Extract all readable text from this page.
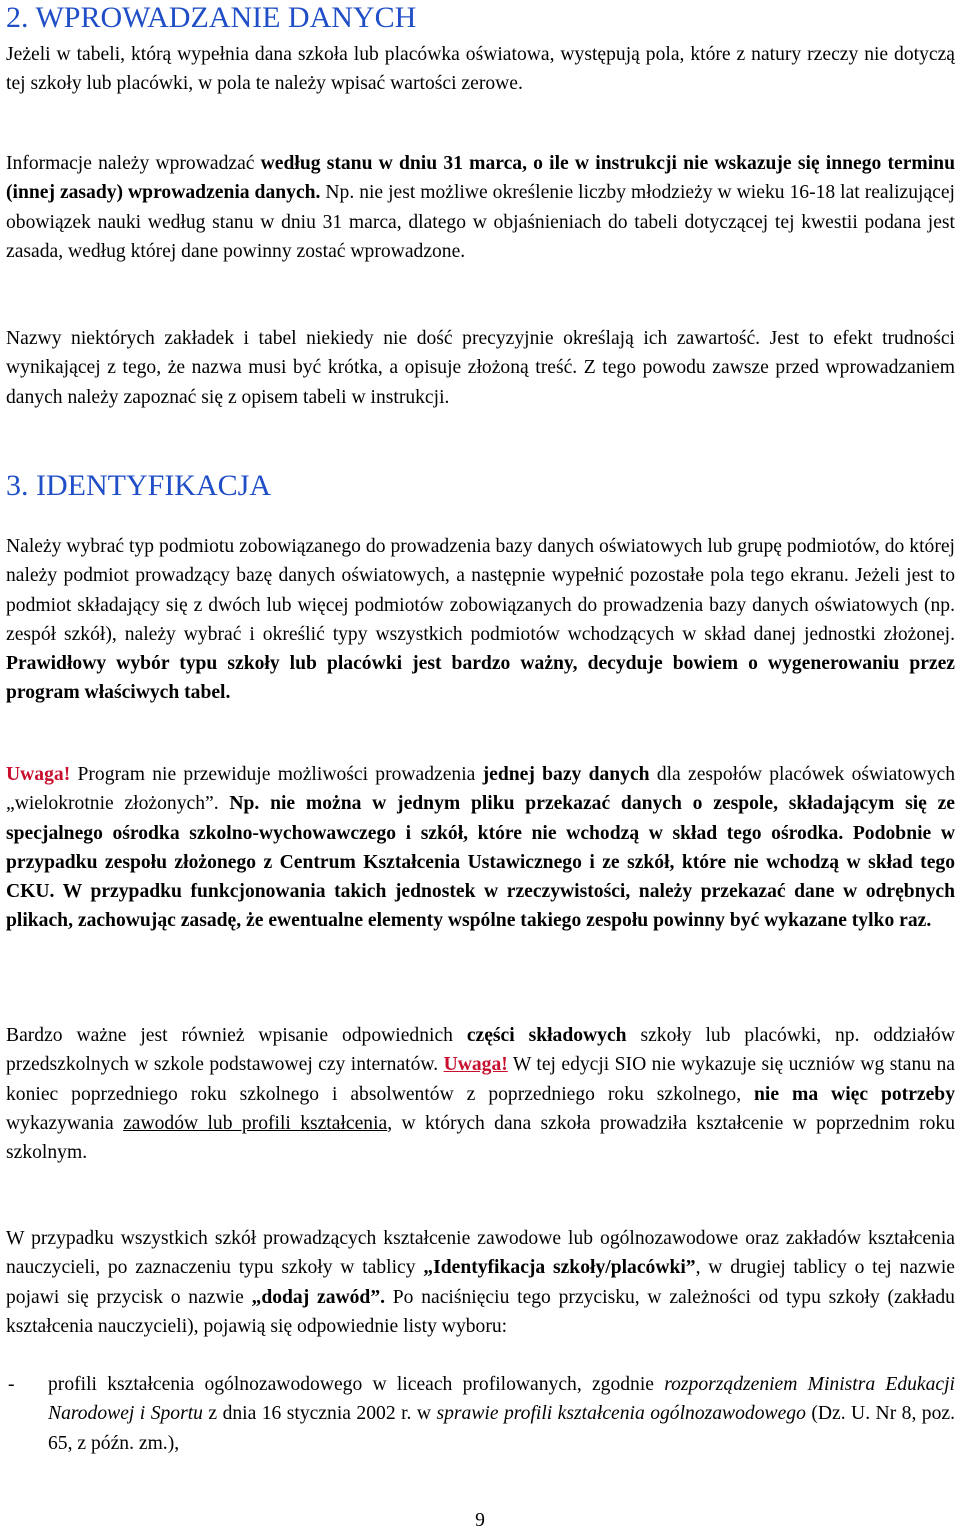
2. WPROWADZANIE DANYCH

Jeżeli w tabeli, którą wypełnia dana szkoła lub placówka oświatowa, występują pola, które z natury rzeczy nie dotyczą tej szkoły lub placówki, w pola te należy wpisać wartości zerowe.

Informacje należy wprowadzać według stanu w dniu 31 marca, o ile w instrukcji nie wskazuje się innego terminu (innej zasady) wprowadzenia danych. Np. nie jest możliwe określenie liczby młodzieży w wieku 16-18 lat realizującej obowiązek nauki według stanu w dniu 31 marca, dlatego w objaśnieniach do tabeli dotyczącej tej kwestii podana jest zasada, według której dane powinny zostać wprowadzone.

Nazwy niektórych zakładek i tabel niekiedy nie dość precyzyjnie określają ich zawartość. Jest to efekt trudności wynikającej z tego, że nazwa musi być krótka, a opisuje złożoną treść. Z tego powodu zawsze przed wprowadzaniem danych należy zapoznać się z opisem tabeli w instrukcji.

3. IDENTYFIKACJA

Należy wybrać typ podmiotu zobowiązanego do prowadzenia bazy danych oświatowych lub grupę podmiotów, do której należy podmiot prowadzący bazę danych oświatowych, a następnie wypełnić pozostałe pola tego ekranu. Jeżeli jest to podmiot składający się z dwóch lub więcej podmiotów zobowiązanych do prowadzenia bazy danych oświatowych (np. zespół szkół), należy wybrać i określić typy wszystkich podmiotów wchodzących w skład danej jednostki złożonej. Prawidłowy wybór typu szkoły lub placówki jest bardzo ważny, decyduje bowiem o wygenerowaniu przez program właściwych tabel.

Uwaga! Program nie przewiduje możliwości prowadzenia jednej bazy danych dla zespołów placówek oświatowych „wielokrotnie złożonych”. Np. nie można w jednym pliku przekazać danych o zespole, składającym się ze specjalnego ośrodka szkolno-wychowawczego i szkół, które nie wchodzą w skład tego ośrodka. Podobnie w przypadku zespołu złożonego z Centrum Kształcenia Ustawicznego i ze szkół, które nie wchodzą w skład tego CKU. W przypadku funkcjonowania takich jednostek w rzeczywistości, należy przekazać dane w odrębnych plikach, zachowując zasadę, że ewentualne elementy wspólne takiego zespołu powinny być wykazane tylko raz.

Bardzo ważne jest również wpisanie odpowiednich części składowych szkoły lub placówki, np. oddziałów przedszkolnych w szkole podstawowej czy internatów. Uwaga! W tej edycji SIO nie wykazuje się uczniów wg stanu na koniec poprzedniego roku szkolnego i absolwentów z poprzedniego roku szkolnego, nie ma więc potrzeby wykazywania zawodów lub profili kształcenia, w których dana szkoła prowadziła kształcenie w poprzednim roku szkolnym.

W przypadku wszystkich szkół prowadzących kształcenie zawodowe lub ogólnozawodowe oraz zakładów kształcenia nauczycieli, po zaznaczeniu typu szkoły w tablicy „Identyfikacja szkoły/placówki”, w drugiej tablicy o tej nazwie pojawi się przycisk o nazwie „dodaj zawód”. Po naciśnięciu tego przycisku, w zależności od typu szkoły (zakładu kształcenia nauczycieli), pojawią się odpowiednie listy wyboru:

- profili kształcenia ogólnozawodowego w liceach profilowanych, zgodnie rozporządzeniem Ministra Edukacji Narodowej i Sportu z dnia 16 stycznia 2002 r. w sprawie profili kształcenia ogólnozawodowego (Dz. U. Nr 8, poz. 65, z późn. zm.),
9
